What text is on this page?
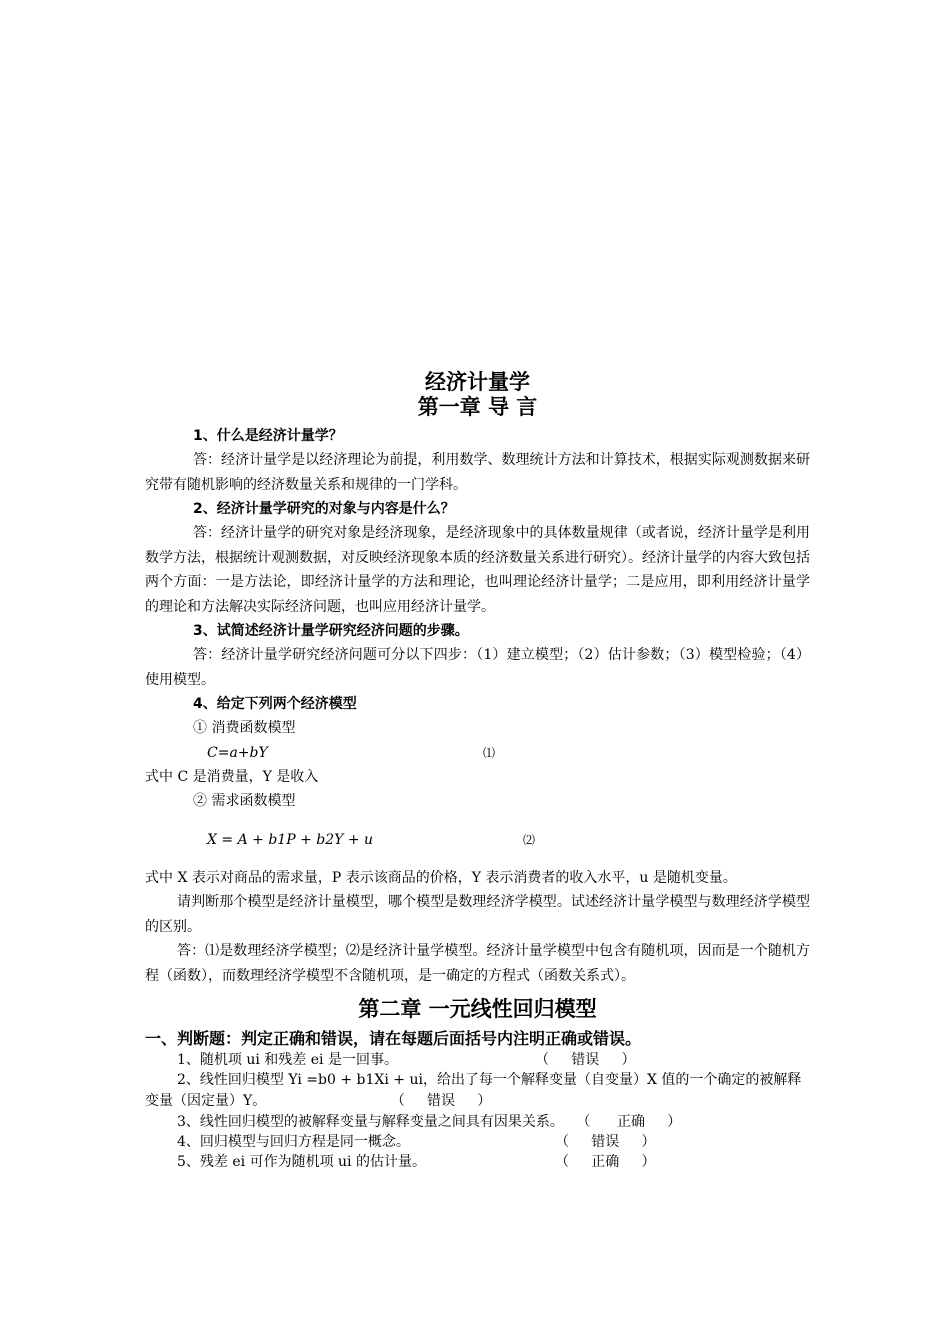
经济计量学
第一章 导 言

1、什么是经济计量学？

答：经济计量学是以经济理论为前提，利用数学、数理统计方法和计算技术，根据实际观测数据来研究带有随机影响的经济数量关系和规律的一门学科。

2、经济计量学研究的对象与内容是什么？

答：经济计量学的研究对象是经济现象，是经济现象中的具体数量规律（或者说，经济计量学是利用数学方法，根据统计观测数据，对反映经济现象本质的经济数量关系进行研究）。经济计量学的内容大致包括两个方面：一是方法论，即经济计量学的方法和理论，也叫理论经济计量学；二是应用，即利用经济计量学的理论和方法解决实际经济问题，也叫应用经济计量学。

3、试简述经济计量学研究经济问题的步骤。

答：经济计量学研究经济问题可分以下四步：（1）建立模型；（2）估计参数；（3）模型检验；（4）使用模型。

4、给定下列两个经济模型

① 消费函数模型

C=a+bY	⑴

式中 C 是消费量，Y 是收入

② 需求函数模型

X = A + b1P + b2Y + u	⑵

式中 X 表示对商品的需求量，P 表示该商品的价格，Y 表示消费者的收入水平，u 是随机变量。

请判断那个模型是经济计量模型，哪个模型是数理经济学模型。试述经济计量学模型与数理经济学模型的区别。

答：⑴是数理经济学模型；⑵是经济计量学模型。经济计量学模型中包含有随机项，因而是一个随机方程（函数），而数理经济学模型不含随机项，是一确定的方程式（函数关系式）。

第二章 一元线性回归模型

一、判断题：判定正确和错误，请在每题后面括号内注明正确或错误。

1、随机项 ui 和残差 ei 是一回事。	（     错误     ）
2、线性回归模型 Yi =b0 + b1Xi + ui，给出了每一个解释变量（自变量）X 值的一个确定的被解释变量（因定量）Y。	（     错误     ）
3、线性回归模型的被解释变量与解释变量之间具有因果关系。 （      正确     ）
4、回归模型与回归方程是同一概念。	（     错误     ）
5、残差 ei 可作为随机项 ui 的估计量。	（     正确     ）
